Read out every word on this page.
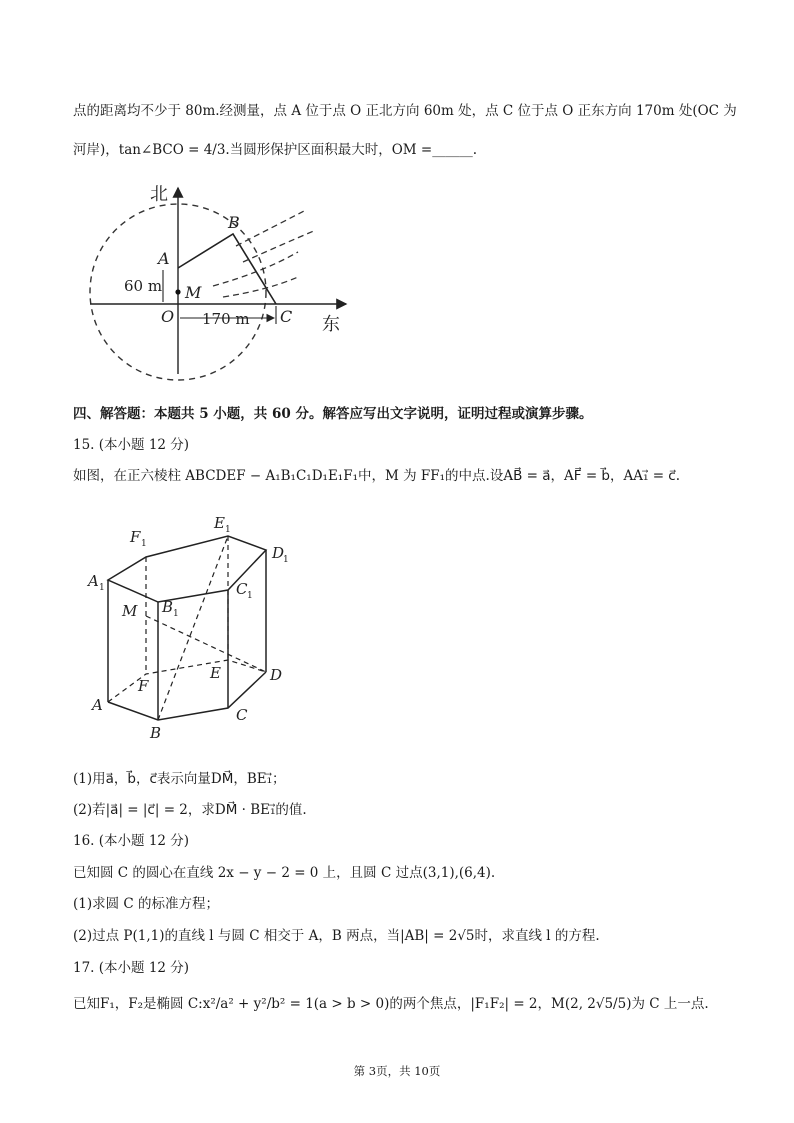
点的距离均不少于 80m.经测量，点 A 位于点 O 正北方向 60m 处，点 C 位于点 O 正东方向 170m 处(OC 为
河岸)，tan∠BCO = 4/3.当圆形保护区面积最大时，OM =______.
北
东
A
B
C
O
M
60 m
170 m
四、解答题：本题共 5 小题，共 60 分。解答应写出文字说明，证明过程或演算步骤。
15. (本小题 12 分)
如图，在正六棱柱 ABCDEF − A₁B₁C₁D₁E₁F₁中，M 为 FF₁的中点.设AB⃗ = a⃗，AF⃗ = b⃗，AA₁⃗ = c⃗.
F 1
E 1
D
1
A 1	C 1
B 1
M
F
E	D
A
C
B
(1)用a⃗，b⃗，c⃗表示向量DM⃗，BE₁⃗；
(2)若|a⃗| = |c⃗| = 2，求DM⃗ · BE₁⃗的值.
16. (本小题 12 分)
已知圆 C 的圆心在直线 2x − y − 2 = 0 上，且圆 C 过点(3,1),(6,4).
(1)求圆 C 的标准方程；
(2)过点 P(1,1)的直线 l 与圆 C 相交于 A，B 两点，当|AB| = 2√5时，求直线 l 的方程.
17. (本小题 12 分)
已知F₁，F₂是椭圆 C:x²/a² + y²/b² = 1(a > b > 0)的两个焦点，|F₁F₂| = 2，M(2, 2√5/5)为 C 上一点.
第 3页，共 10页
